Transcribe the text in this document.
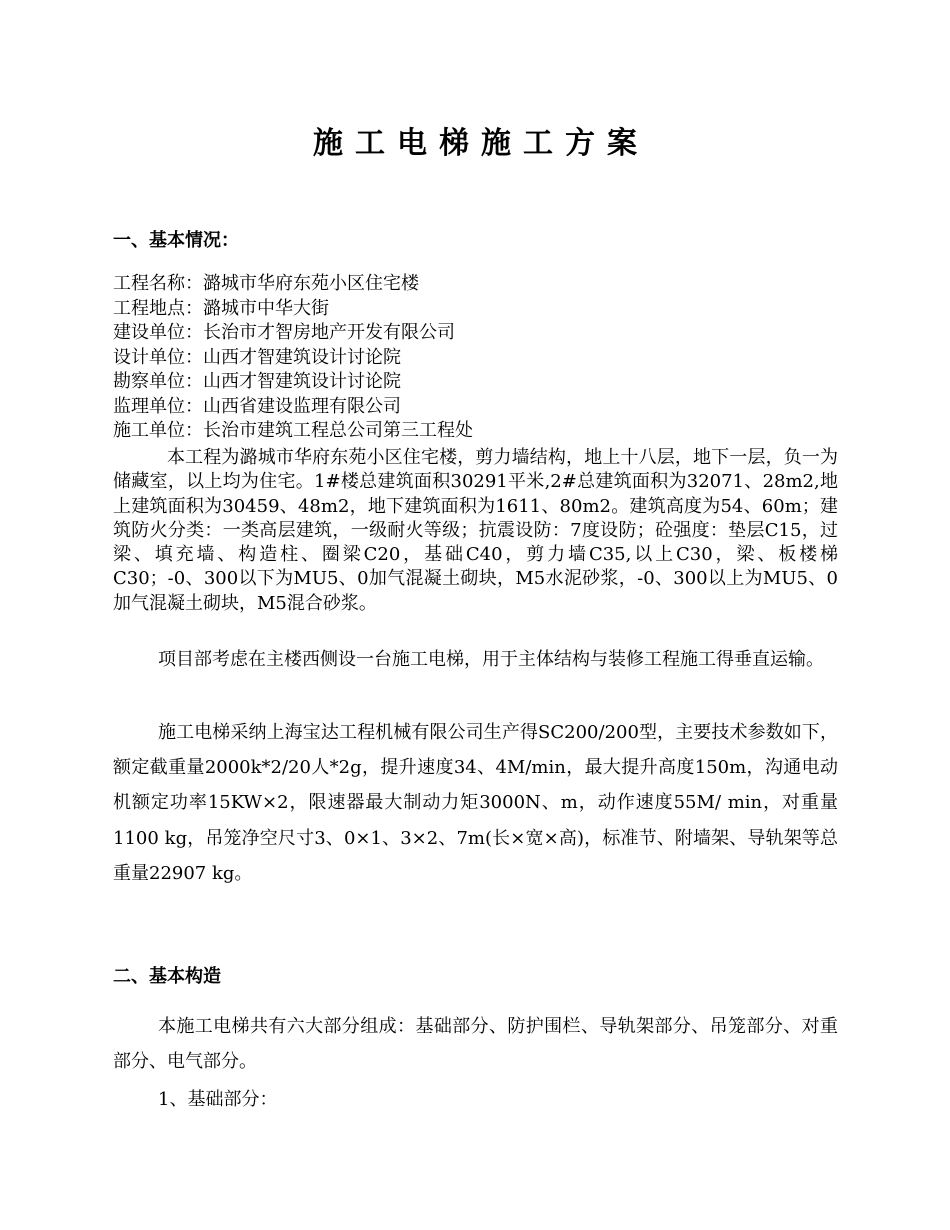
施工电梯施工方案
一、基本情况：
工程名称：潞城市华府东苑小区住宅楼
工程地点：潞城市中华大街
建设单位：长治市才智房地产开发有限公司
设计单位：山西才智建筑设计讨论院
勘察单位：山西才智建筑设计讨论院
监理单位：山西省建设监理有限公司
施工单位：长治市建筑工程总公司第三工程处
本工程为潞城市华府东苑小区住宅楼，剪力墙结构，地上十八层，地下一层，负一为储藏室，以上均为住宅。1#楼总建筑面积30291平米,2#总建筑面积为32071、28m2,地上建筑面积为30459、48m2，地下建筑面积为1611、80m2。建筑高度为54、60m；建筑防火分类：一类高层建筑，一级耐火等级；抗震设防：7度设防；砼强度：垫层C15，过梁、填充墙、构造柱、圈梁C20，基础C40，剪力墙C35,以上C30，梁、板楼梯C30；-0、300以下为MU5、0加气混凝土砌块，M5水泥砂浆，-0、300以上为MU5、0加气混凝土砌块，M5混合砂浆。
项目部考虑在主楼西侧设一台施工电梯，用于主体结构与装修工程施工得垂直运输。
施工电梯采纳上海宝达工程机械有限公司生产得SC200/200型，主要技术参数如下，额定截重量2000k*2/20人*2g，提升速度34、4M/min，最大提升高度150m，沟通电动机额定功率15KW×2，限速器最大制动力矩3000N、m，动作速度55M/ min，对重量1100 kg，吊笼净空尺寸3、0×1、3×2、7m(长×宽×高)，标准节、附墙架、导轨架等总重量22907 kg。
二、基本构造
本施工电梯共有六大部分组成：基础部分、防护围栏、导轨架部分、吊笼部分、对重部分、电气部分。
1、基础部分：
